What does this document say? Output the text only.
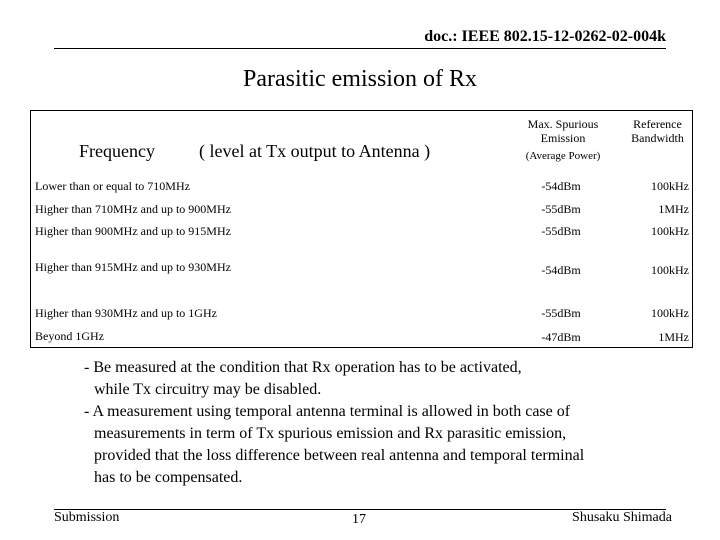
doc.: IEEE 802.15-12-0262-02-004k
Parasitic emission of Rx
Frequency ( level at Tx output to Antenna )
Max. Spurious
Emission
(Average Power)
Reference
Bandwidth
Lower than or equal to 710MHz	-54dBm	100kHz
Higher than 710MHz and up to 900MHz	-55dBm	1MHz
Higher than 900MHz and up to 915MHz	-55dBm	100kHz
Higher than 915MHz and up to 930MHz	-54dBm	100kHz
Higher than 930MHz and up to 1GHz	-55dBm	100kHz
Beyond 1GHz	-47dBm	1MHz
- Be measured at the condition that Rx operation has to be activated,
while Tx circuitry may be disabled.
- A measurement using temporal antenna terminal is allowed in both case of
measurements in term of Tx spurious emission and Rx parasitic emission,
provided that the loss difference between real antenna and temporal terminal
has to be compensated.
Submission	17	Shusaku Shimada
